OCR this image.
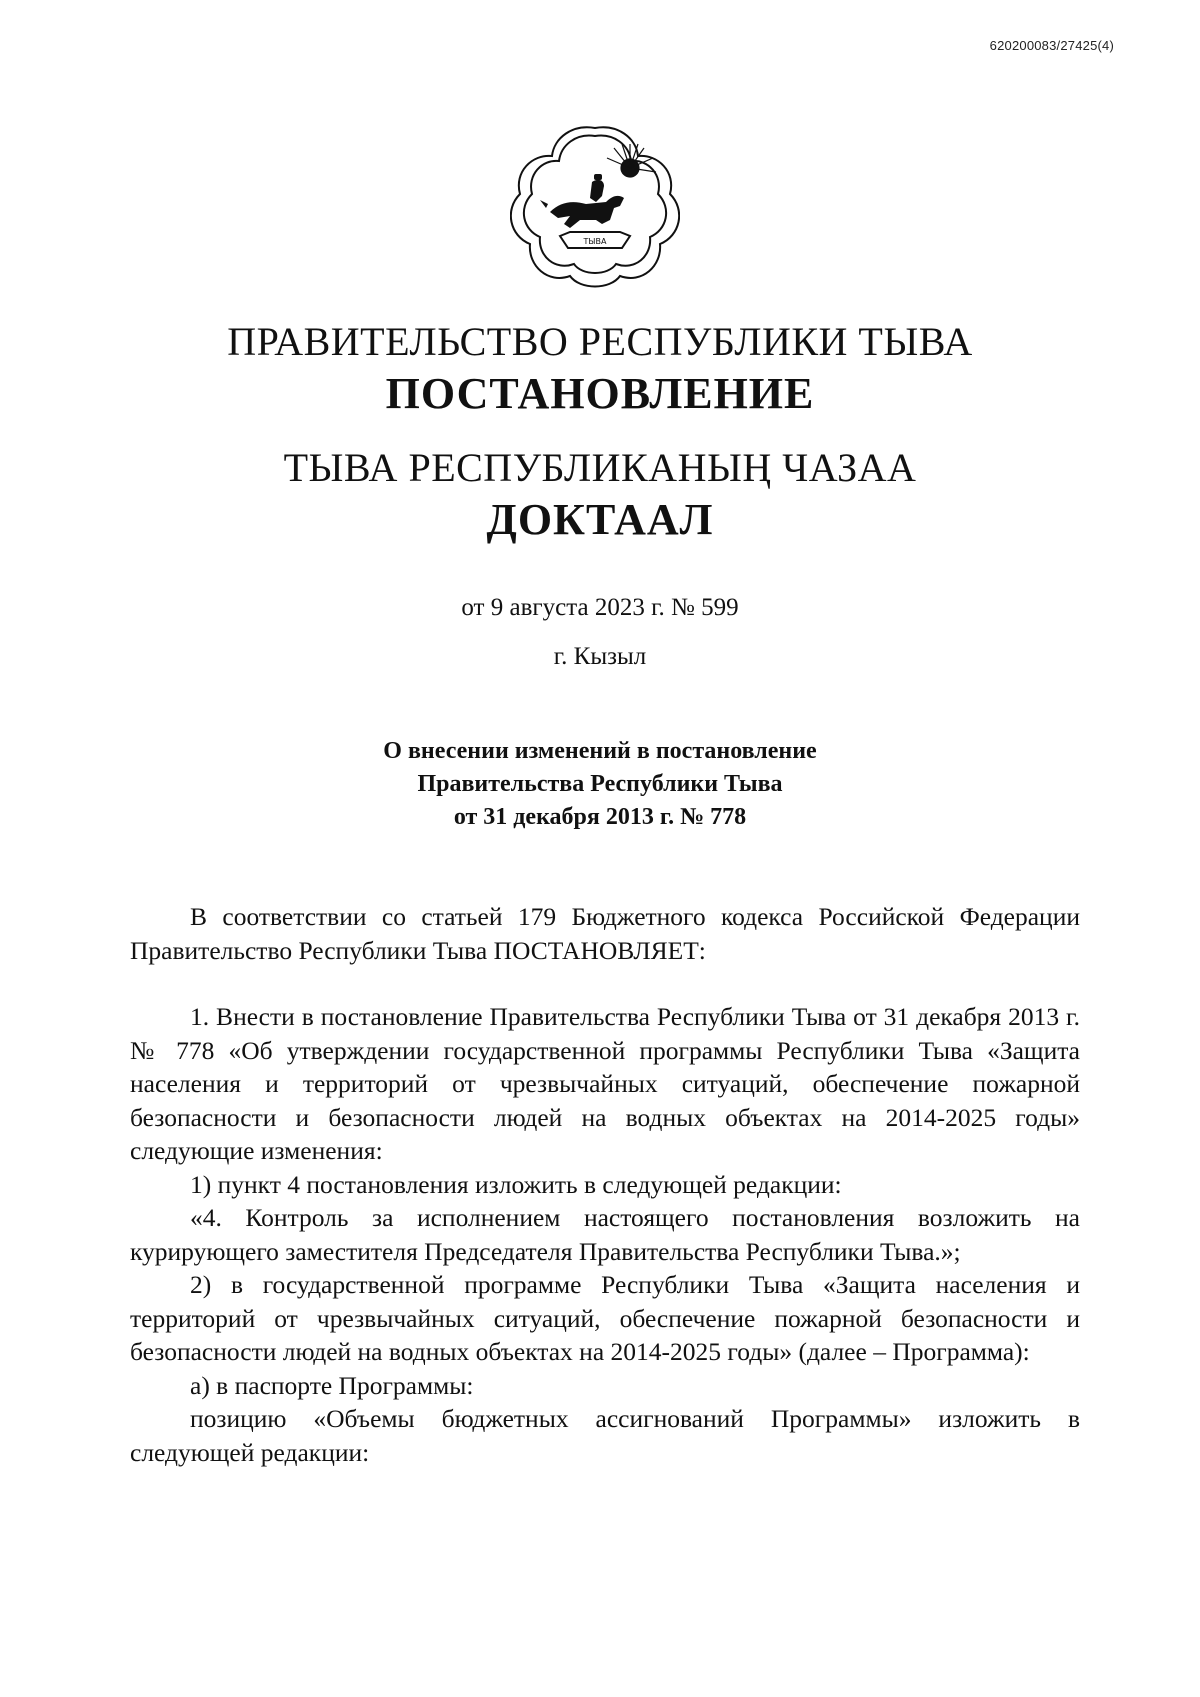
620200083/27425(4)
ТЫВА
ПРАВИТЕЛЬСТВО РЕСПУБЛИКИ ТЫВА
ПОСТАНОВЛЕНИЕ
ТЫВА РЕСПУБЛИКАНЫҢ ЧАЗАА
ДОКТААЛ
от 9 августа 2023 г. № 599
г. Кызыл
О внесении изменений в постановление
Правительства Республики Тыва
от 31 декабря 2013 г. № 778

В соответствии со статьей 179 Бюджетного кодекса Российской Федерации Правительство Республики Тыва ПОСТАНОВЛЯЕТ:

1. Внести в постановление Правительства Республики Тыва от 31 декабря 2013 г. № 778 «Об утверждении государственной программы Республики Тыва «Защита населения и территорий от чрезвычайных ситуаций, обеспечение пожарной безопасности и безопасности людей на водных объектах на 2014-2025 годы» следующие изменения:

1) пункт 4 постановления изложить в следующей редакции:

«4. Контроль за исполнением настоящего постановления возложить на курирующего заместителя Председателя Правительства Республики Тыва.»;

2) в государственной программе Республики Тыва «Защита населения и территорий от чрезвычайных ситуаций, обеспечение пожарной безопасности и безопасности людей на водных объектах на 2014-2025 годы» (далее – Программа):

а) в паспорте Программы:

позицию «Объемы бюджетных ассигнований Программы» изложить в следующей редакции:
